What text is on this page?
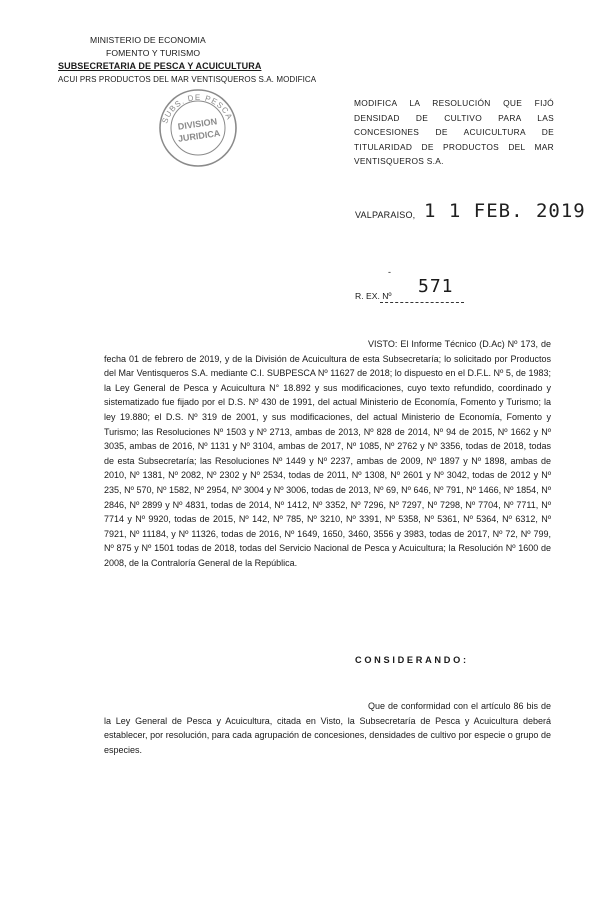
MINISTERIO DE ECONOMIA
FOMENTO Y TURISMO
SUBSECRETARIA DE PESCA Y ACUICULTURA
ACUI PRS PRODUCTOS DEL MAR VENTISQUEROS S.A. MODIFICA
SUBS. DE PESCA
DIVISION
JURIDICA
MODIFICA LA RESOLUCIÓN QUE FIJÓ DENSIDAD DE CULTIVO PARA LAS CONCESIONES DE ACUICULTURA DE TITULARIDAD DE PRODUCTOS DEL MAR VENTISQUEROS S.A.
VALPARAISO, 1 1 FEB. 2019
-
R. EX. Nº 571
VISTO: El Informe Técnico (D.Ac) Nº 173, de fecha 01 de febrero de 2019, y de la División de Acuicultura de esta Subsecretaría; lo solicitado por Productos del Mar Ventisqueros S.A. mediante C.I. SUBPESCA Nº 11627 de 2018; lo dispuesto en el D.F.L. Nº 5, de 1983; la Ley General de Pesca y Acuicultura N° 18.892 y sus modificaciones, cuyo texto refundido, coordinado y sistematizado fue fijado por el D.S. Nº 430 de 1991, del actual Ministerio de Economía, Fomento y Turismo; la ley 19.880; el D.S. Nº 319 de 2001, y sus modificaciones, del actual Ministerio de Economía, Fomento y Turismo; las Resoluciones Nº 1503 y Nº 2713, ambas de 2013, Nº 828 de 2014, Nº 94 de 2015, Nº 1662 y Nº 3035, ambas de 2016, Nº 1131 y Nº 3104, ambas de 2017, Nº 1085, Nº 2762 y Nº 3356, todas de 2018, todas de esta Subsecretaría; las Resoluciones Nº 1449 y Nº 2237, ambas de 2009, Nº 1897 y Nº 1898, ambas de 2010, Nº 1381, Nº 2082, Nº 2302 y Nº 2534, todas de 2011, Nº 1308, Nº 2601 y Nº 3042, todas de 2012 y Nº 235, Nº 570, Nº 1582, Nº 2954, Nº 3004 y Nº 3006, todas de 2013, Nº 69, Nº 646, Nº 791, Nº 1466, Nº 1854, Nº 2846, Nº 2899 y Nº 4831, todas de 2014, Nº 1412, Nº 3352, Nº 7296, Nº 7297, Nº 7298, Nº 7704, Nº 7711, Nº 7714 y Nº 9920, todas de 2015, Nº 142, Nº 785, Nº 3210, Nº 3391, Nº 5358, Nº 5361, Nº 5364, Nº 6312, Nº 7921, Nº 11184, y Nº 11326, todas de 2016, Nº 1649, 1650, 3460, 3556 y 3983, todas de 2017, Nº 72, Nº 799, Nº 875 y Nº 1501 todas de 2018, todas del Servicio Nacional de Pesca y Acuicultura; la Resolución Nº 1600 de 2008, de la Contraloría General de la República.
CONSIDERANDO:
Que de conformidad con el artículo 86 bis de la Ley General de Pesca y Acuicultura, citada en Visto, la Subsecretaría de Pesca y Acuicultura deberá establecer, por resolución, para cada agrupación de concesiones, densidades de cultivo por especie o grupo de especies.
